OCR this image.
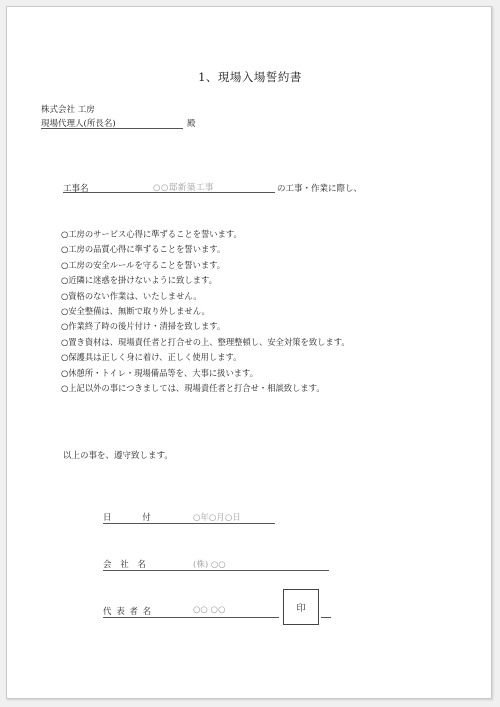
1、現場入場誓約書
株式会社 工房
現場代理人(所長名)	殿
工事名	○○邸新築工事	の工事・作業に際し、
○工房のサービス心得に準ずることを誓います。
○工房の品質心得に準ずることを誓います。
○工房の安全ルールを守ることを誓います。
○近隣に迷惑を掛けないように致します。
○資格のない作業は、いたしません。
○安全整備は、無断で取り外しません。
○作業終了時の後片付け・清掃を致します。
○置き資材は、現場責任者と打合せの上、整理整頓し、安全対策を致します。
○保護具は正しく身に着け、正しく使用します。
○休憩所・トイレ・現場備品等を、大事に扱います。
○上記以外の事につきましては、現場責任者と打合せ・相談致します。
以上の事を、遵守致します。
日 付	○年○月○日
会 社 名	(株) ○○
代 表 者 名	○○ ○○	印
